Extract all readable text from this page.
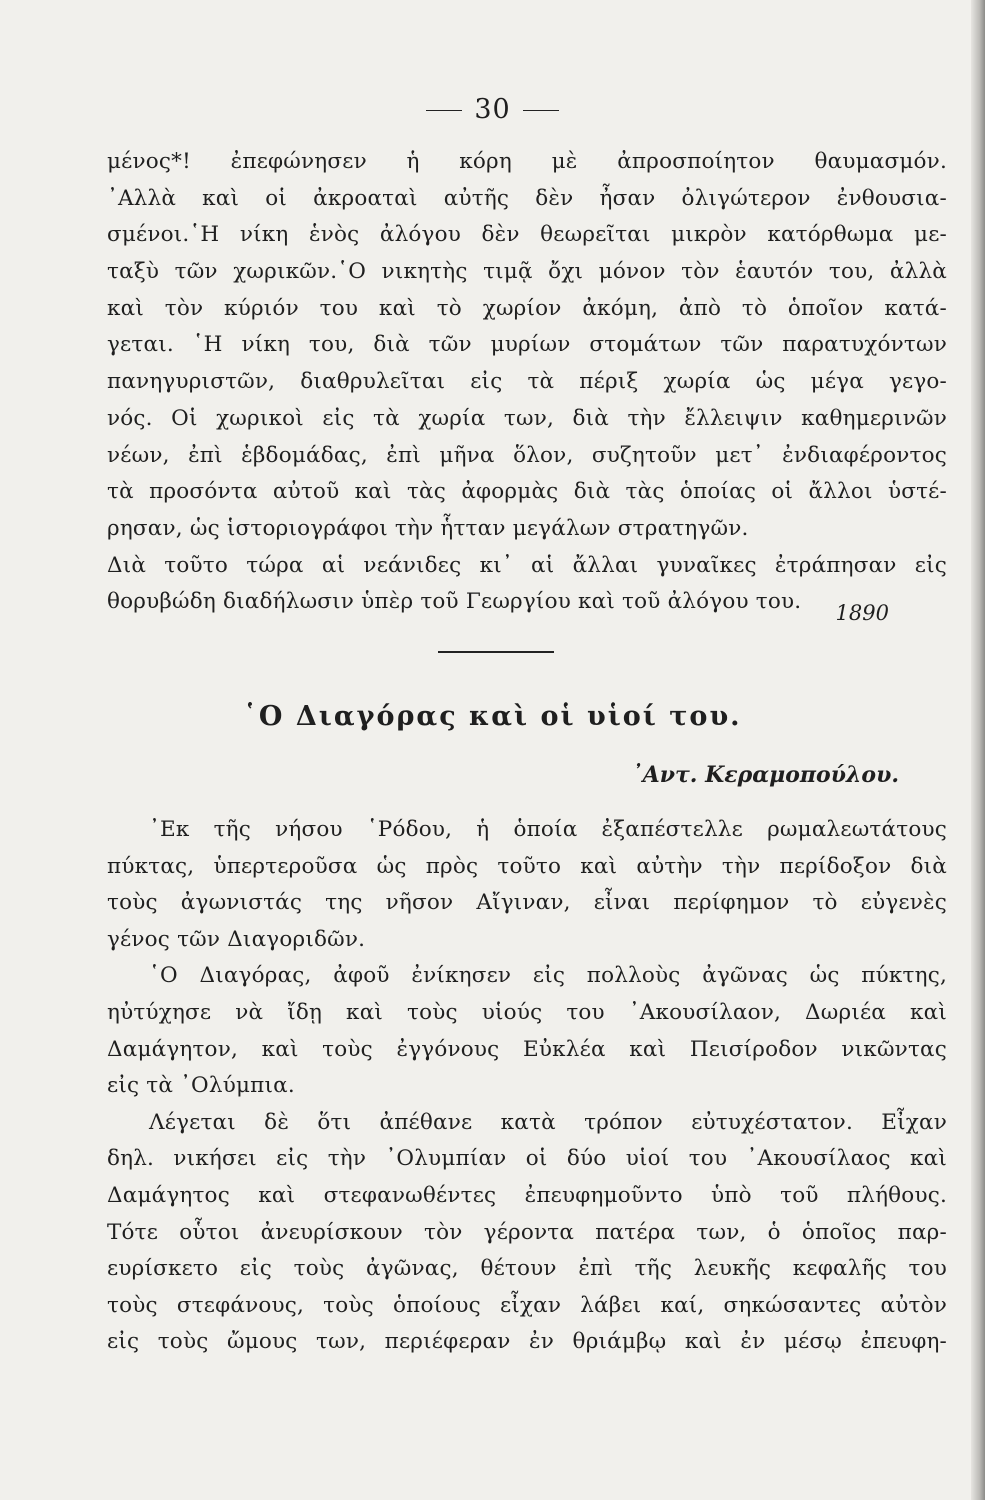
30
μένος*! ἐπεφώνησεν ἡ κόρη μὲ ἀπροσποίητον θαυμασμόν.
᾿Αλλὰ καὶ οἱ ἀκροαταὶ αὐτῆς δὲν ἦσαν ὀλιγώτερον ἐνθουσια-
σμένοι.῾Η νίκη ἑνὸς ἀλόγου δὲν θεωρεῖται μικρὸν κατόρθωμα με-
ταξὺ τῶν χωρικῶν.῾Ο νικητὴς τιμᾷ ὄχι μόνον τὸν ἑαυτόν του, ἀλλὰ
καὶ τὸν κύριόν του καὶ τὸ χωρίον ἀκόμη, ἀπὸ τὸ ὁποῖον κατά-
γεται. ῾Η νίκη του, διὰ τῶν μυρίων στομάτων τῶν παρατυχόντων
πανηγυριστῶν, διαθρυλεῖται εἰς τὰ πέριξ χωρία ὡς μέγα γεγο-
νός. Οἱ χωρικοὶ εἰς τὰ χωρία των, διὰ τὴν ἔλλειψιν καθημερινῶν
νέων, ἐπὶ ἑβδομάδας, ἐπὶ μῆνα ὅλον, συζητοῦν μετ᾿ ἐνδιαφέροντος
τὰ προσόντα αὐτοῦ καὶ τὰς ἀφορμὰς διὰ τὰς ὁποίας οἱ ἄλλοι ὑστέ-
ρησαν, ὡς ἱστοριογράφοι τὴν ἧτταν μεγάλων στρατηγῶν.
Διὰ τοῦτο τώρα αἱ νεάνιδες κι᾿ αἱ ἄλλαι γυναῖκες ἐτράπησαν εἰς
θορυβώδη διαδήλωσιν ὑπὲρ τοῦ Γεωργίου καὶ τοῦ ἀλόγου του.	1890
῾Ο Διαγόρας καὶ οἱ υἱοί του.
᾿Αντ. Κεραμοπούλου.
᾿Εκ τῆς νήσου ῾Ρόδου, ἡ ὁποία ἐξαπέστελλε ρωμαλεωτάτους
πύκτας, ὑπερτεροῦσα ὡς πρὸς τοῦτο καὶ αὐτὴν τὴν περίδοξον διὰ
τοὺς ἀγωνιστάς της νῆσον Αἴγιναν, εἶναι περίφημον τὸ εὐγενὲς
γένος τῶν Διαγοριδῶν.
῾Ο Διαγόρας, ἀφοῦ ἐνίκησεν εἰς πολλοὺς ἀγῶνας ὡς πύκτης,
ηὐτύχησε νὰ ἴδῃ καὶ τοὺς υἱούς του ᾿Ακουσίλαον, Δωριέα καὶ
Δαμάγητον, καὶ τοὺς ἐγγόνους Εὐκλέα καὶ Πεισίροδον νικῶντας
εἰς τὰ ᾿Ολύμπια.
Λέγεται δὲ ὅτι ἀπέθανε κατὰ τρόπον εὐτυχέστατον. Εἶχαν
δηλ. νικήσει εἰς τὴν ᾿Ολυμπίαν οἱ δύο υἱοί του ᾿Ακουσίλαος καὶ
Δαμάγητος καὶ στεφανωθέντες ἐπευφημοῦντο ὑπὸ τοῦ πλήθους.
Τότε οὗτοι ἀνευρίσκουν τὸν γέροντα πατέρα των, ὁ ὁποῖος παρ-
ευρίσκετο εἰς τοὺς ἀγῶνας, θέτουν ἐπὶ τῆς λευκῆς κεφαλῆς του
τοὺς στεφάνους, τοὺς ὁποίους εἶχαν λάβει καί, σηκώσαντες αὐτὸν
εἰς τοὺς ὤμους των, περιέφεραν ἐν θριάμβῳ καὶ ἐν μέσῳ ἐπευφη-
